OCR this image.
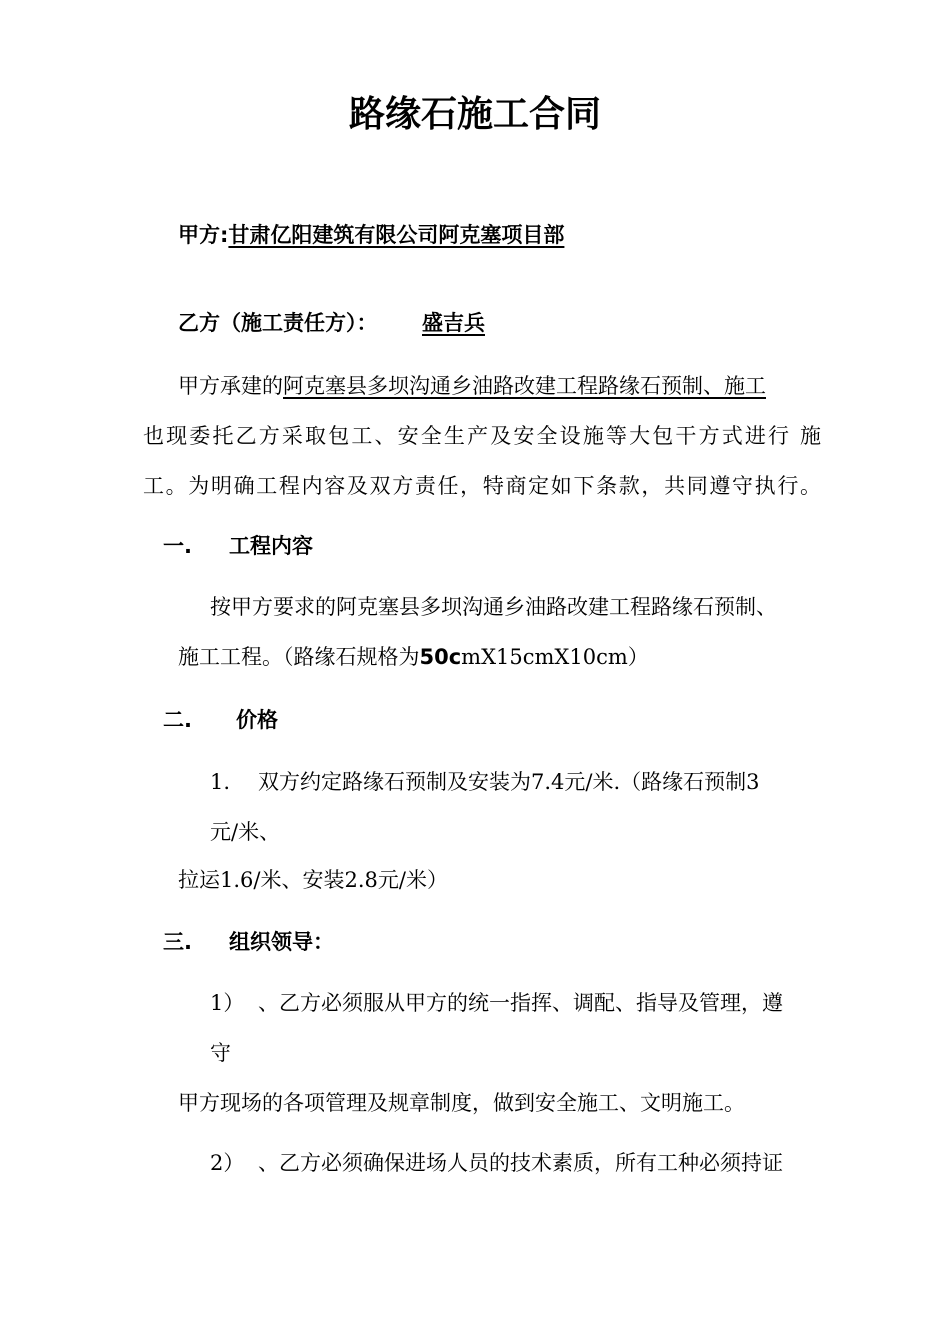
路缘石施工合同
甲方:甘肃亿阳建筑有限公司阿克塞项目部
乙方（施工责任方）： 盛吉兵
甲方承建的阿克塞县多坝沟通乡油路改建工程路缘石预制、施工
也现委托乙方采取包工、安全生产及安全设施等大包干方式进行 施
工。为明确工程内容及双方责任，特商定如下条款，共同遵守执行。
一. 工程内容
按甲方要求的阿克塞县多坝沟通乡油路改建工程路缘石预制、
施工工程。（路缘石规格为50cmX15cmX10cm）
二. 价格
1. 双方约定路缘石预制及安装为7.4元/米.（路缘石预制3
元/米、
拉运1.6/米、安装2.8元/米）
三. 组织领导：
1） 、乙方必须服从甲方的统一指挥、调配、指导及管理，遵
守
甲方现场的各项管理及规章制度，做到安全施工、文明施工。
2） 、乙方必须确保进场人员的技术素质，所有工种必须持证
